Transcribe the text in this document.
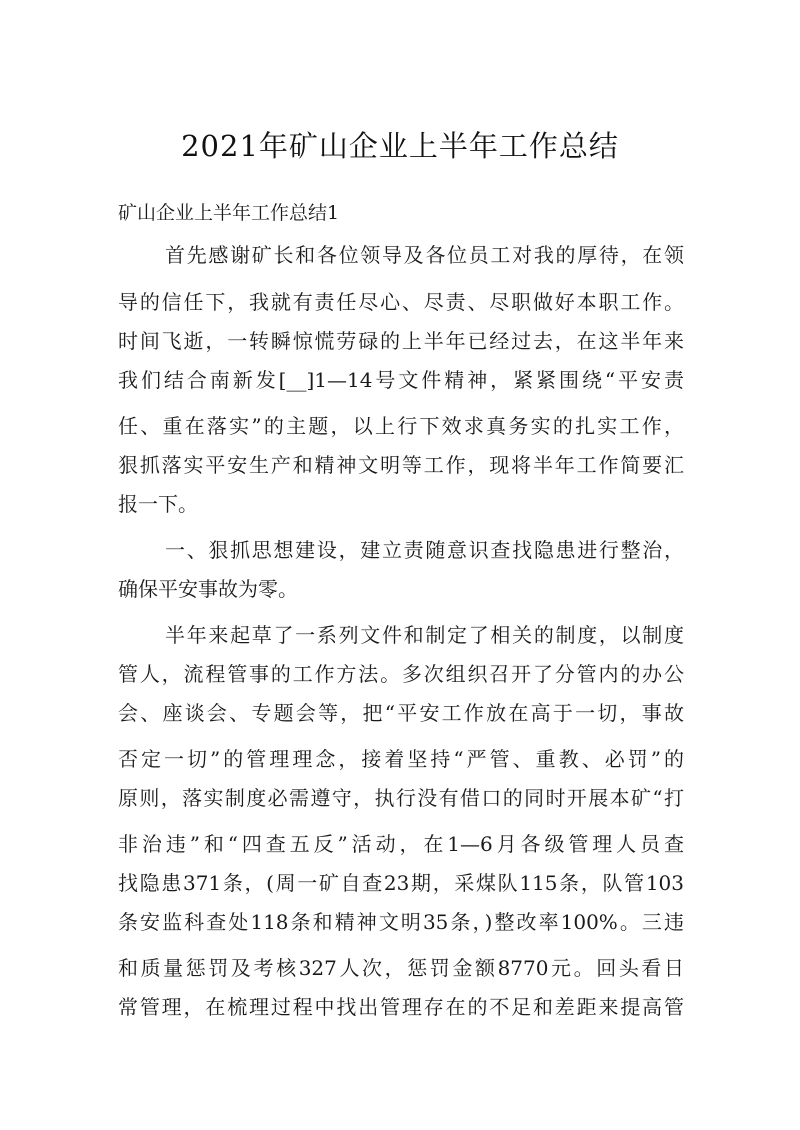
2021年矿山企业上半年工作总结
矿山企业上半年工作总结1
首先感谢矿长和各位领导及各位员工对我的厚待，在领
导的信任下，我就有责任尽心、尽责、尽职做好本职工作。
时间飞逝，一转瞬惊慌劳碌的上半年已经过去，在这半年来
我们结合南新发[__]1—14号文件精神，紧紧围绕“平安责
任、重在落实”的主题，以上行下效求真务实的扎实工作，
狠抓落实平安生产和精神文明等工作，现将半年工作简要汇
报一下。
一、狠抓思想建设，建立责随意识查找隐患进行整治，
确保平安事故为零。
半年来起草了一系列文件和制定了相关的制度，以制度
管人，流程管事的工作方法。多次组织召开了分管内的办公
会、座谈会、专题会等，把“平安工作放在高于一切，事故
否定一切”的管理理念，接着坚持“严管、重教、必罚”的
原则，落实制度必需遵守，执行没有借口的同时开展本矿“打
非治违”和“四查五反”活动，在1—6月各级管理人员查
找隐患371条，(周一矿自查23期，采煤队115条，队管103
条安监科查处118条和精神文明35条，)整改率100%。三违
和质量惩罚及考核327人次，惩罚金额8770元。回头看日
常管理，在梳理过程中找出管理存在的不足和差距来提高管
